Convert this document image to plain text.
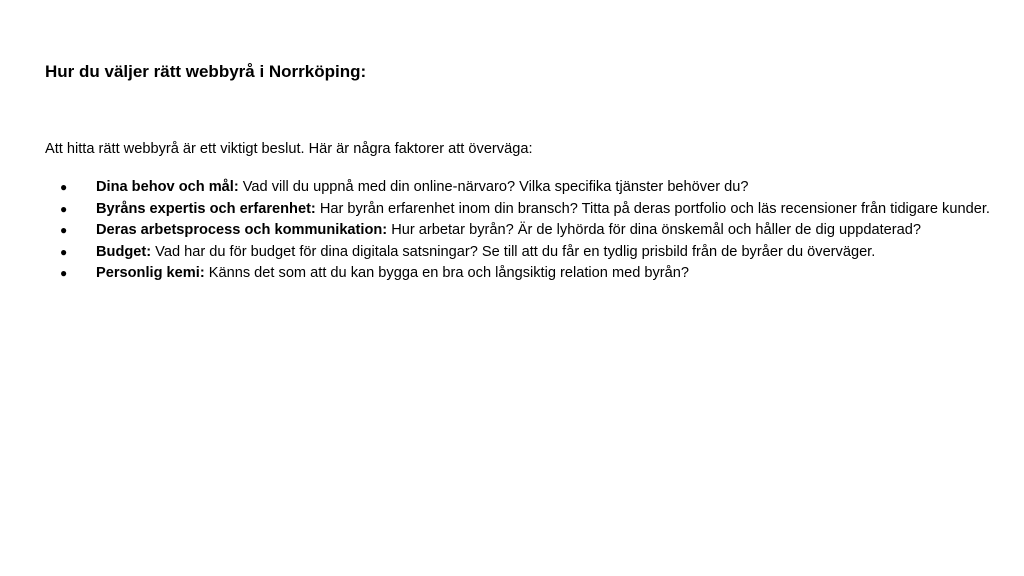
Hur du väljer rätt webbyrå i Norrköping:

Att hitta rätt webbyrå är ett viktigt beslut. Här är några faktorer att överväga:

● Dina behov och mål: Vad vill du uppnå med din online-närvaro? Vilka specifika tjänster behöver du?
● Byråns expertis och erfarenhet: Har byrån erfarenhet inom din bransch? Titta på deras portfolio och läs recensioner från tidigare kunder.
● Deras arbetsprocess och kommunikation: Hur arbetar byrån? Är de lyhörda för dina önskemål och håller de dig uppdaterad?
● Budget: Vad har du för budget för dina digitala satsningar? Se till att du får en tydlig prisbild från de byråer du överväger.
● Personlig kemi: Känns det som att du kan bygga en bra och långsiktig relation med byrån?
